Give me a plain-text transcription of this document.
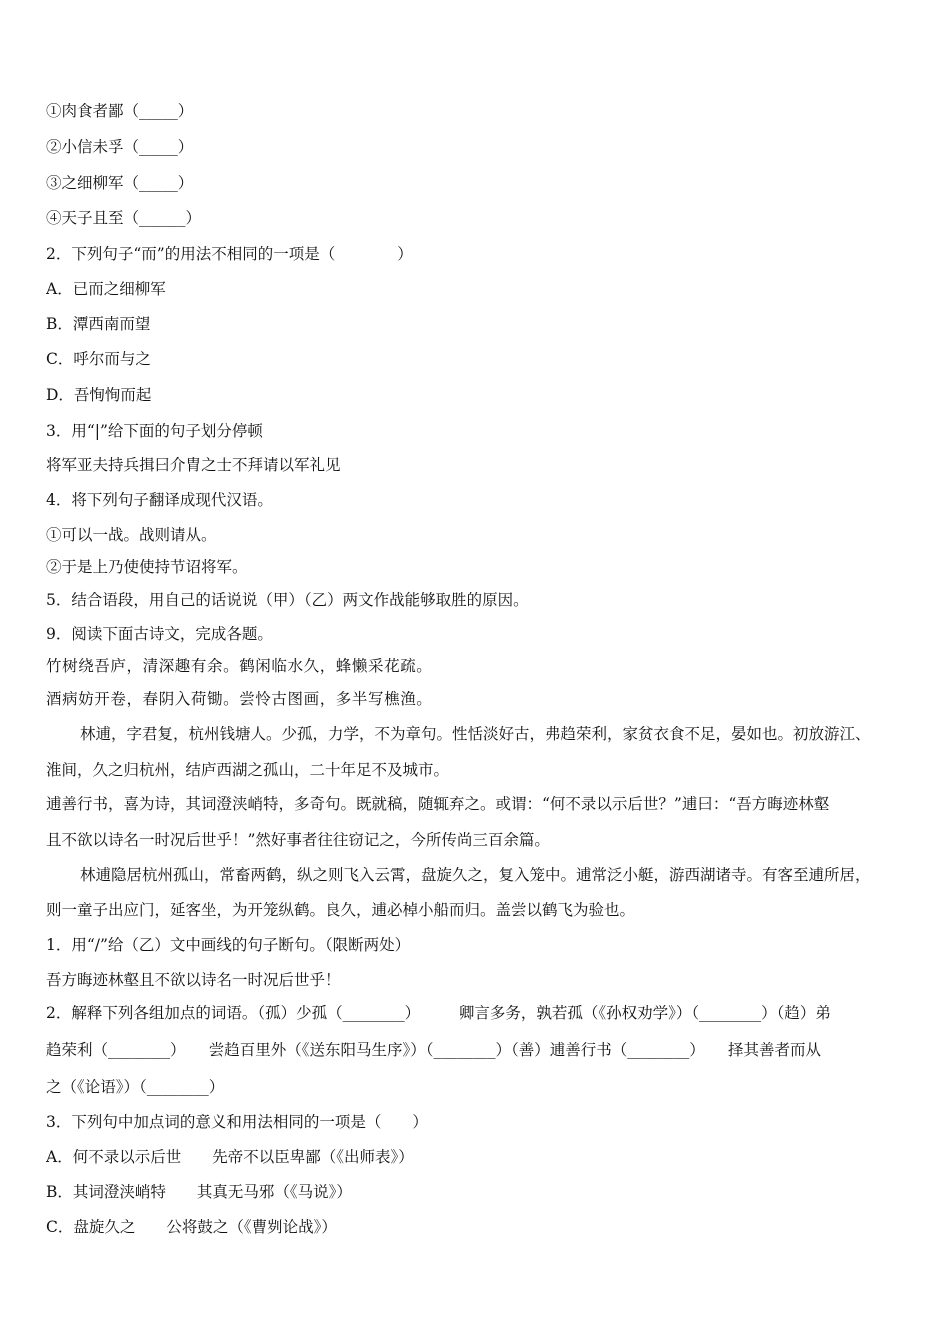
①肉食者鄙（_____）
②小信未孚（_____）
③之细柳军（_____）
④天子且至（______）
2．下列句子“而”的用法不相同的一项是（　　　　）
A．已而之细柳军
B．潭西南而望
C．呼尔而与之
D．吾恂恂而起
3．用“|”给下面的句子划分停顿
将军亚夫持兵揖曰介胄之士不拜请以军礼见
4．将下列句子翻译成现代汉语。
①可以一战。战则请从。
②于是上乃使使持节诏将军。
5．结合语段，用自己的话说说（甲）（乙）两文作战能够取胜的原因。
9．阅读下面古诗文，完成各题。
竹树绕吾庐，清深趣有余。鹤闲临水久，蜂懒采花疏。
酒病妨开卷，春阴入荷锄。尝怜古图画，多半写樵渔。
林逋，字君复，杭州钱塘人。少孤，力学，不为章句。性恬淡好古，弗趋荣利，家贫衣食不足，晏如也。初放游江、
淮间，久之归杭州，结庐西湖之孤山，二十年足不及城市。
逋善行书，喜为诗，其词澄浃峭特，多奇句。既就稿，随辄弃之。或谓：“何不录以示后世？”逋曰：“吾方晦迹林壑
且不欲以诗名一时况后世乎！”然好事者往往窃记之，今所传尚三百余篇。
林逋隐居杭州孤山，常畜两鹤，纵之则飞入云霄，盘旋久之，复入笼中。逋常泛小艇，游西湖诸寺。有客至逋所居，
则一童子出应门，延客坐，为开笼纵鹤。良久，逋必棹小船而归。盖尝以鹤飞为验也。
1．用“/”给（乙）文中画线的句子断句。（限断两处）
吾方晦迹林壑且不欲以诗名一时况后世乎！
2．解释下列各组加点的词语。（孤）少孤（________）　　　卿言多务，孰若孤（《孙权劝学》）（________）（趋）弟
趋荣利（________）　　尝趋百里外（《送东阳马生序》）（________）（善）逋善行书（________）　　择其善者而从
之（《论语》）（________）
3．下列句中加点词的意义和用法相同的一项是（　　）
A．何不录以示后世　　先帝不以臣卑鄙（《出师表》）
B．其词澄浃峭特　　其真无马邪（《马说》）
C．盘旋久之　　公将鼓之（《曹刿论战》）
